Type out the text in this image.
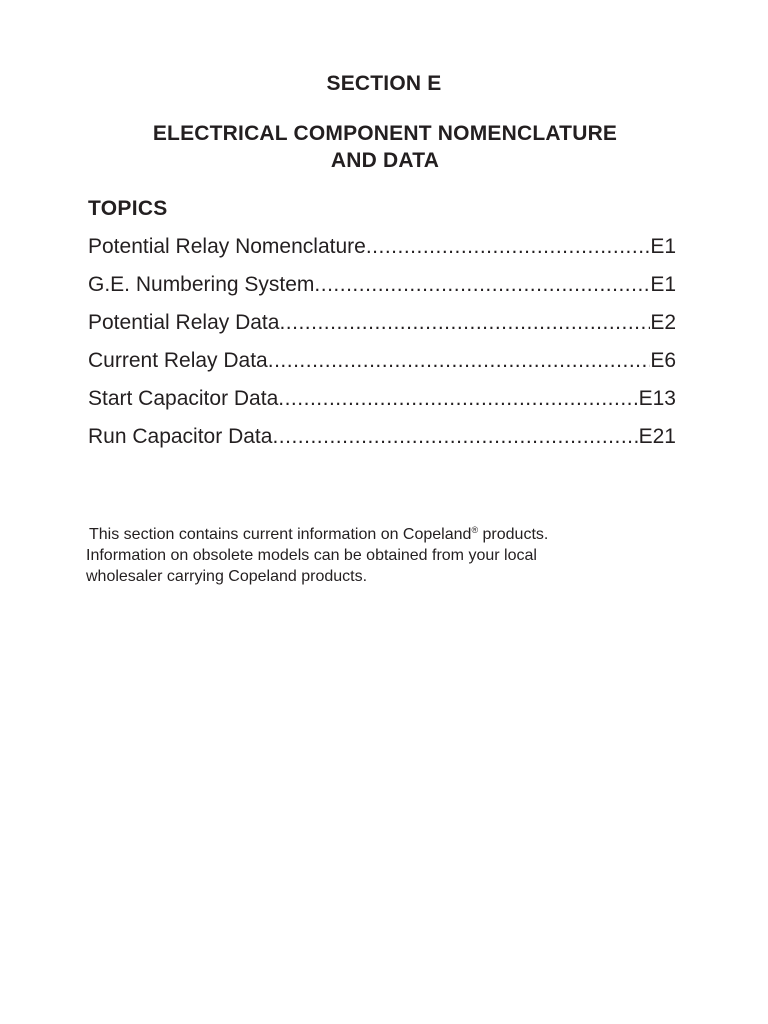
SECTION E
ELECTRICAL COMPONENT NOMENCLATURE
AND DATA
TOPICS
Potential Relay Nomenclature .....	E1
G.E. Numbering System .....	E1
Potential Relay Data .....	E2
Current Relay Data .....	E6
Start Capacitor Data .....	E13
Run Capacitor Data .....	E21
This section contains current information on Copeland® products.
Information on obsolete models can be obtained from your local
wholesaler carrying Copeland products.
